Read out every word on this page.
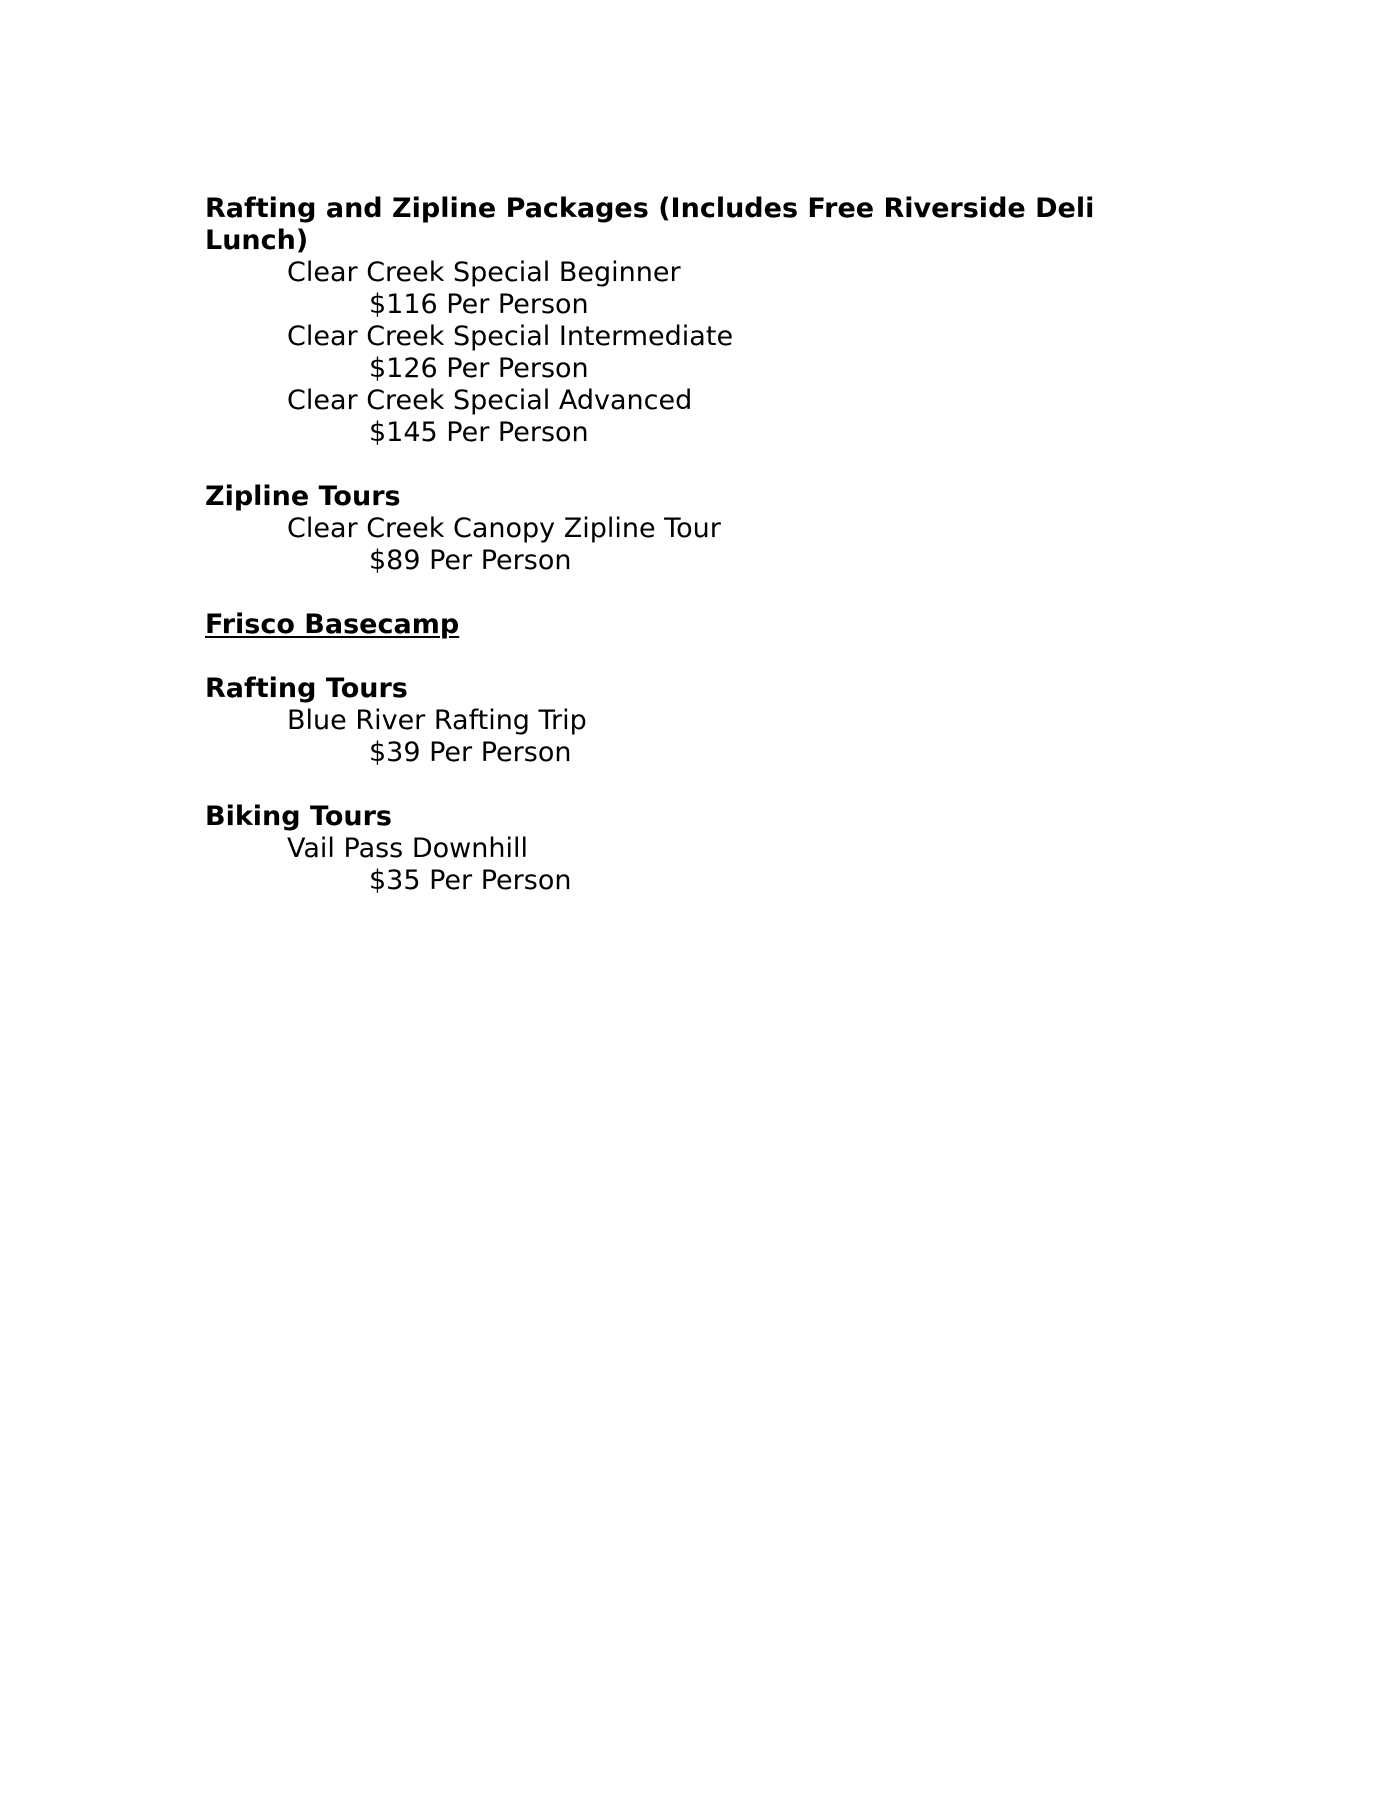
Rafting and Zipline Packages (Includes Free Riverside Deli Lunch)

Clear Creek Special Beginner

$116 Per Person

Clear Creek Special Intermediate

$126 Per Person

Clear Creek Special Advanced

$145 Per Person

Zipline Tours

Clear Creek Canopy Zipline Tour

$89 Per Person

Frisco Basecamp

Rafting Tours

Blue River Rafting Trip

$39 Per Person

Biking Tours

Vail Pass Downhill

$35 Per Person
